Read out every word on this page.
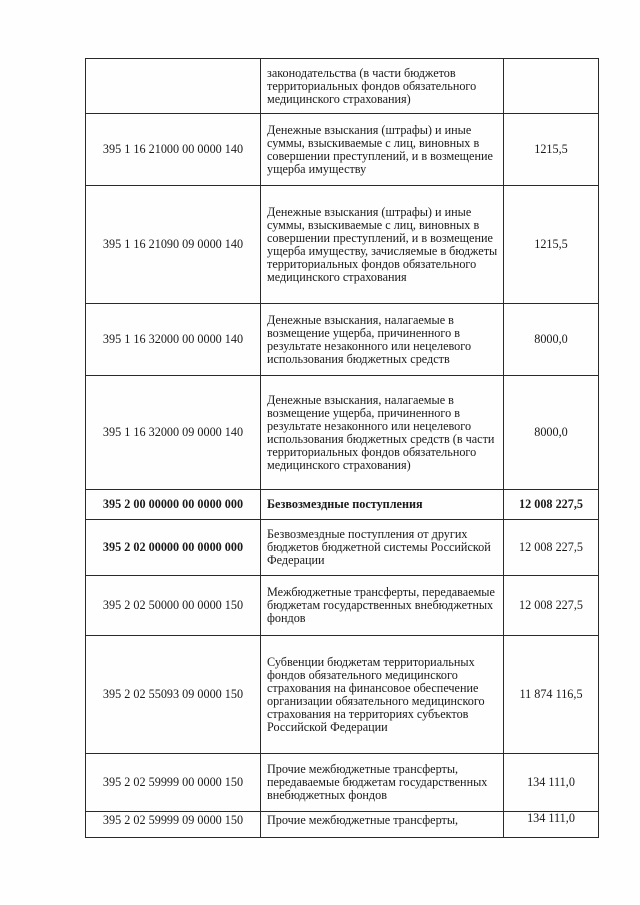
	законодательства (в части бюджетов территориальных фондов обязательного медицинского страхования)	
395 1 16 21000 00 0000 140	Денежные взыскания (штрафы) и иные суммы, взыскиваемые с лиц, виновных в совершении преступлений, и в возмещение ущерба имуществу	1215,5
395 1 16 21090 09 0000 140	Денежные взыскания (штрафы) и иные суммы, взыскиваемые с лиц, виновных в совершении преступлений, и в возмещение ущерба имуществу, зачисляемые в бюджеты территориальных фондов обязательного медицинского страхования	1215,5
395 1 16 32000 00 0000 140	Денежные взыскания, налагаемые в возмещение ущерба, причиненного в результате незаконного или нецелевого использования бюджетных средств	8000,0
395 1 16 32000 09 0000 140	Денежные взыскания, налагаемые в возмещение ущерба, причиненного в результате незаконного или нецелевого использования бюджетных средств (в части территориальных фондов обязательного медицинского страхования)	8000,0
395 2 00 00000 00 0000 000	Безвозмездные поступления	12 008 227,5
395 2 02 00000 00 0000 000	Безвозмездные поступления от других бюджетов бюджетной системы Российской Федерации	12 008 227,5
395 2 02 50000 00 0000 150	Межбюджетные трансферты, передаваемые бюджетам государственных внебюджетных фондов	12 008 227,5
395 2 02 55093 09 0000 150	Субвенции бюджетам территориальных фондов обязательного медицинского страхования на финансовое обеспечение организации обязательного медицинского страхования на территориях субъектов Российской Федерации	11 874 116,5
395 2 02 59999 00 0000 150	Прочие межбюджетные трансферты, передаваемые бюджетам государственных внебюджетных фондов	134 111,0
395 2 02 59999 09 0000 150	Прочие межбюджетные трансферты,	134 111,0
